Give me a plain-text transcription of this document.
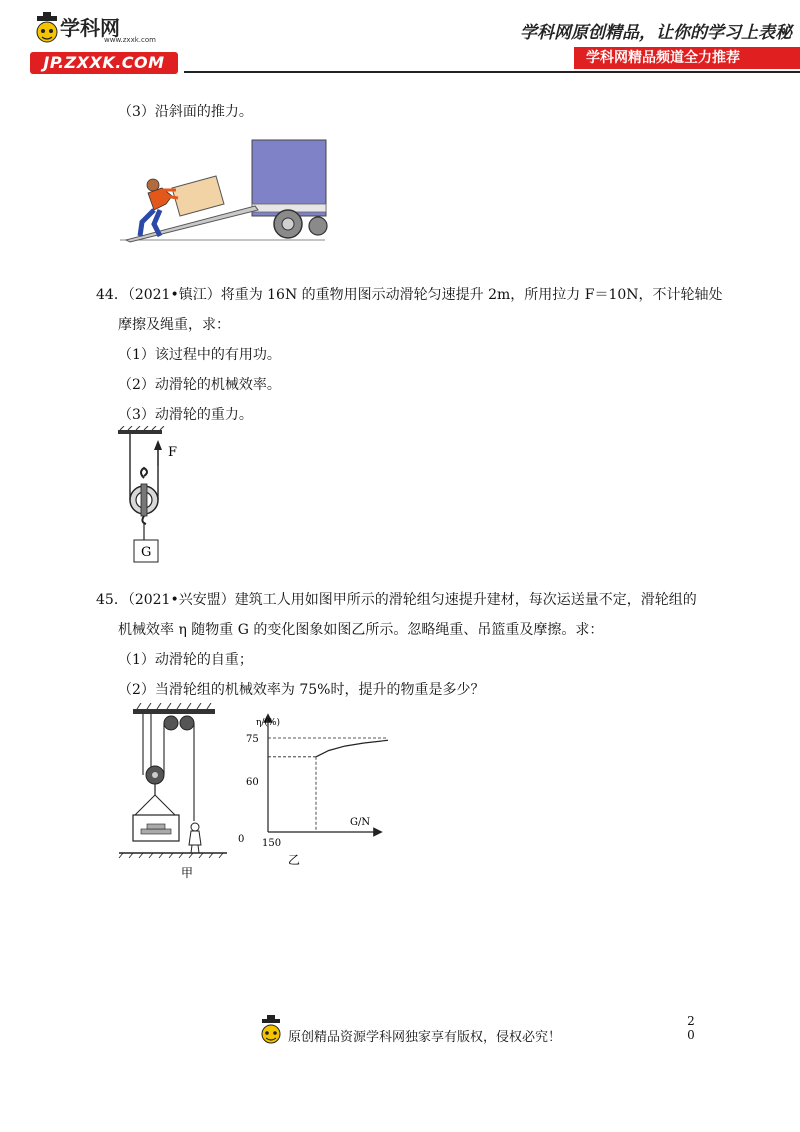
学科网
www.zxxk.com
JP.ZXXK.COM
学科网原创精品，让你的学习上表秘
学科网精品频道全力推荐
（3）沿斜面的推力。
44．（2021•镇江）将重为 16N 的重物用图示动滑轮匀速提升 2m，所用拉力 F＝10N，不计轮轴处
摩擦及绳重，求：
（1）该过程中的有用功。
（2）动滑轮的机械效率。
（3）动滑轮的重力。
F
G
45．（2021•兴安盟）建筑工人用如图甲所示的滑轮组匀速提升建材，每次运送量不定，滑轮组的
机械效率 η 随物重 G 的变化图象如图乙所示。忽略绳重、吊篮重及摩擦。求：
（1）动滑轮的自重；
（2）当滑轮组的机械效率为 75%时，提升的物重是多少？
甲
η/(%)
G/N
0
75
60
150
乙
原创精品资源学科网独家享有版权，侵权必究！
2
0
